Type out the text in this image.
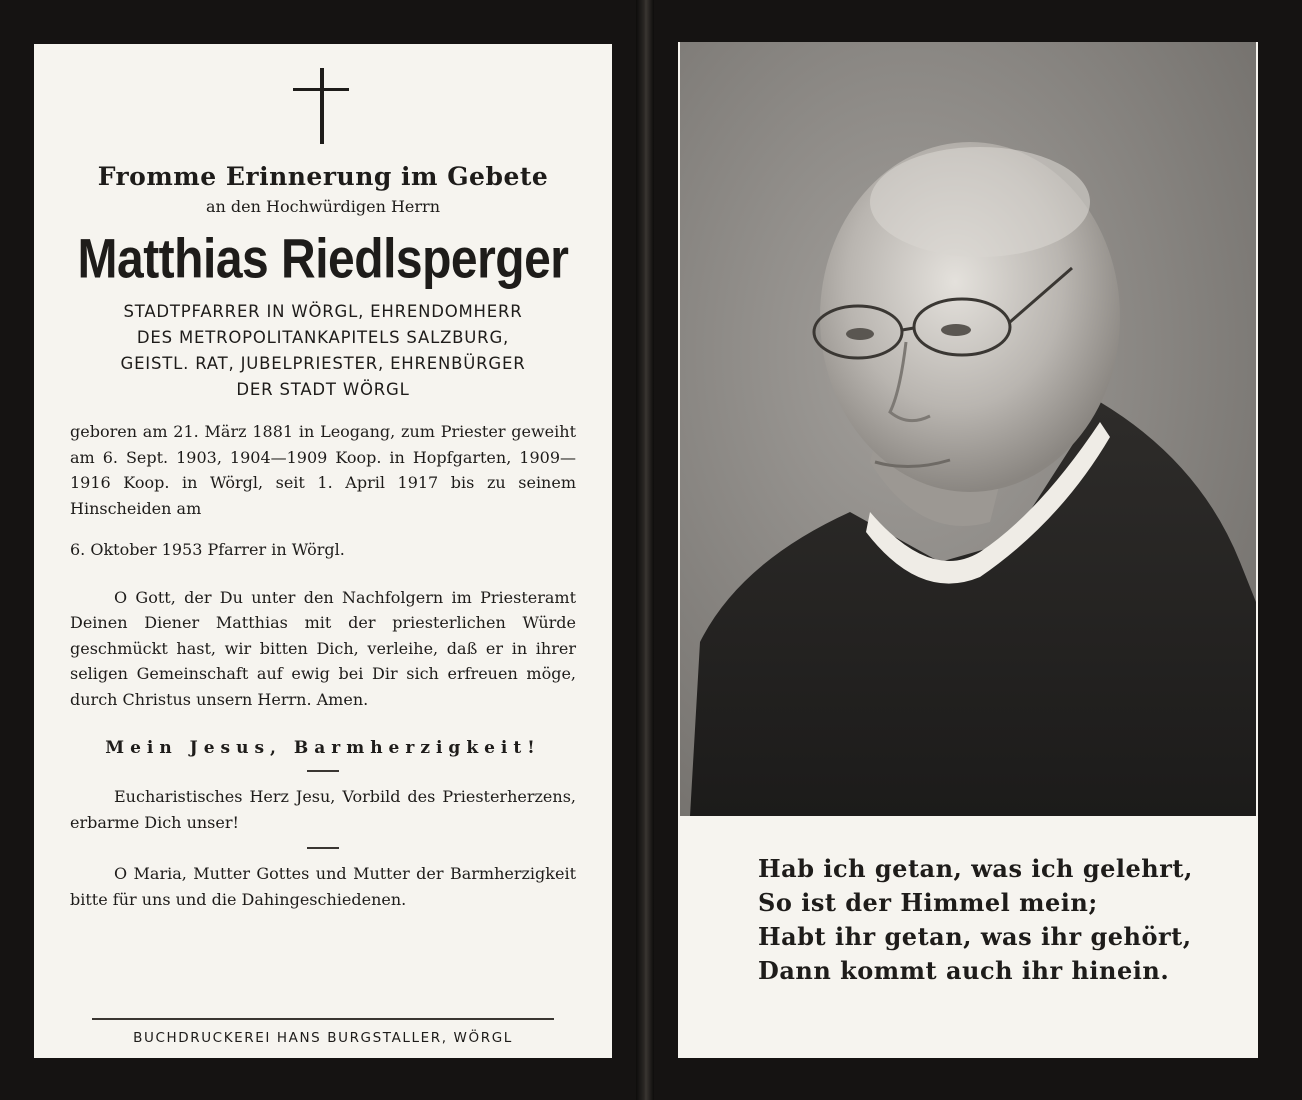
Fromme Erinnerung im Gebete
an den Hochwürdigen Herrn
Matthias Riedlsperger
STADTPFARRER IN WÖRGL, EHRENDOMHERR
DES METROPOLITANKAPITELS SALZBURG,
GEISTL. RAT, JUBELPRIESTER, EHRENBÜRGER
DER STADT WÖRGL
geboren am 21. März 1881 in Leogang, zum Priester geweiht am 6. Sept. 1903, 1904—1909 Koop. in Hopfgarten, 1909—1916 Koop. in Wörgl, seit 1. April 1917 bis zu seinem Hinscheiden am
6. Oktober 1953 Pfarrer in Wörgl.
O Gott, der Du unter den Nachfolgern im Priesteramt Deinen Diener Matthias mit der priesterlichen Würde geschmückt hast, wir bitten Dich, verleihe, daß er in ihrer seligen Gemeinschaft auf ewig bei Dir sich erfreuen möge, durch Christus unsern Herrn. Amen.
Mein Jesus, Barmherzigkeit!
Eucharistisches Herz Jesu, Vorbild des Priesterherzens, erbarme Dich unser!
O Maria, Mutter Gottes und Mutter der Barmherzigkeit bitte für uns und die Dahingeschiedenen.
BUCHDRUCKEREI HANS BURGSTALLER, WÖRGL
Hab ich getan, was ich gelehrt,
So ist der Himmel mein;
Habt ihr getan, was ihr gehört,
Dann kommt auch ihr hinein.
